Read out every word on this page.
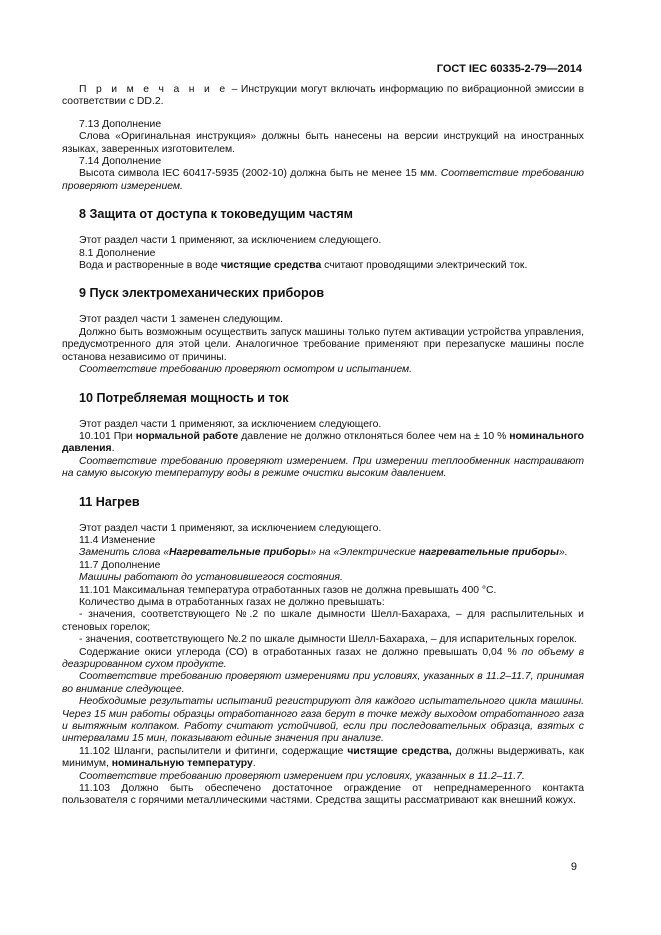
ГОСТ IEC 60335-2-79—2014

П р и м е ч а н и е – Инструкции могут включать информацию по вибрационной эмиссии в соответствии с DD.2.

7.13 Дополнение

Слова «Оригинальная инструкция» должны быть нанесены на версии инструкций на иностранных языках, заверенных изготовителем.

7.14 Дополнение

Высота символа IEC 60417-5935 (2002-10) должна быть не менее 15 мм. Соответствие требованию проверяют измерением.

8 Защита от доступа к токоведущим частям

Этот раздел части 1 применяют, за исключением следующего.

8.1 Дополнение

Вода и растворенные в воде чистящие средства считают проводящими электрический ток.

9 Пуск электромеханических приборов

Этот раздел части 1 заменен следующим.

Должно быть возможным осуществить запуск машины только путем активации устройства управления, предусмотренного для этой цели. Аналогичное требование применяют при перезапуске машины после останова независимо от причины.

Соответствие требованию проверяют осмотром и испытанием.

10 Потребляемая мощность и ток

Этот раздел части 1 применяют, за исключением следующего.

10.101 При нормальной работе давление не должно отклоняться более чем на ± 10 % номинального давления.

Соответствие требованию проверяют измерением. При измерении теплообменник настраивают на самую высокую температуру воды в режиме очистки высоким давлением.

11 Нагрев

Этот раздел части 1 применяют, за исключением следующего.

11.4 Изменение

Заменить слова «Нагревательные приборы» на «Электрические нагревательные приборы».

11.7 Дополнение

Машины работают до установившегося состояния.

11.101 Максимальная температура отработанных газов не должна превышать 400 °С.

Количество дыма в отработанных газах не должно превышать:

- значения, соответствующего №.2 по шкале дымности Шелл-Бахараха, – для распылительных и стеновых горелок;

- значения, соответствующего №.2 по шкале дымности Шелл-Бахараха, – для испарительных горелок.

Содержание окиси углерода (СО) в отработанных газах не должно превышать 0,04 % по объему в деазрированном сухом продукте.

Соответствие требованию проверяют измерениями при условиях, указанных в 11.2–11.7, принимая во внимание следующее.

Необходимые результаты испытаний регистрируют для каждого испытательного цикла машины. Через 15 мин работы образцы отработанного газа берут в точке между выходом отработанного газа и вытяжным колпаком. Работу считают устойчивой, если при последовательных образца, взятых с интервалами 15 мин, показывают единые значения при анализе.

11.102 Шланги, распылители и фитинги, содержащие чистящие средства, должны выдерживать, как минимум, номинальную температуру.

Соответствие требованию проверяют измерением при условиях, указанных в 11.2–11.7.

11.103 Должно быть обеспечено достаточное ограждение от непреднамеренного контакта пользователя с горячими металлическими частями. Средства защиты рассматривают как внешний кожух.

9
